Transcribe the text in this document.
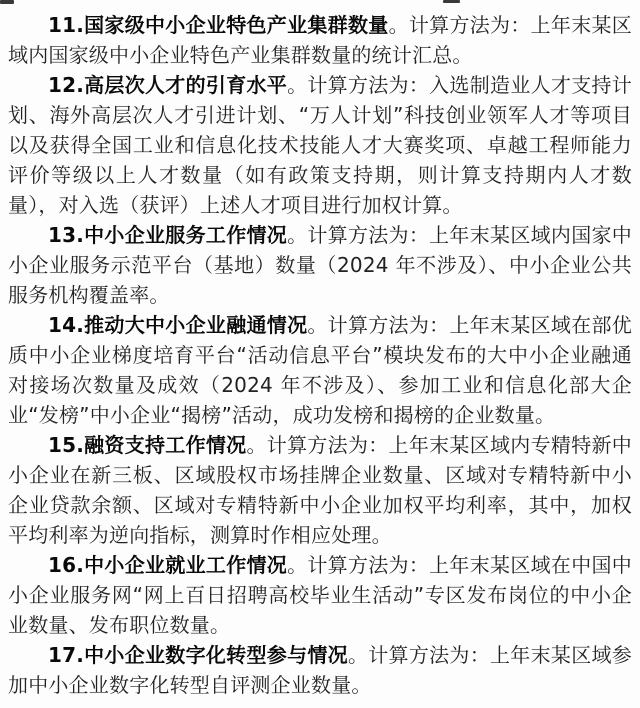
11.国家级中小企业特色产业集群数量。计算方法为：上年末某区域内国家级中小企业特色产业集群数量的统计汇总。

12.高层次人才的引育水平。计算方法为：入选制造业人才支持计划、海外高层次人才引进计划、“万人计划”科技创业领军人才等项目以及获得全国工业和信息化技术技能人才大赛奖项、卓越工程师能力评价等级以上人才数量（如有政策支持期，则计算支持期内人才数量），对入选（获评）上述人才项目进行加权计算。

13.中小企业服务工作情况。计算方法为：上年末某区域内国家中小企业服务示范平台（基地）数量（2024 年不涉及）、中小企业公共服务机构覆盖率。

14.推动大中小企业融通情况。计算方法为：上年末某区域在部优质中小企业梯度培育平台“活动信息平台”模块发布的大中小企业融通对接场次数量及成效（2024 年不涉及）、参加工业和信息化部大企业“发榜”中小企业“揭榜”活动，成功发榜和揭榜的企业数量。

15.融资支持工作情况。计算方法为：上年末某区域内专精特新中小企业在新三板、区域股权市场挂牌企业数量、区域对专精特新中小企业贷款余额、区域对专精特新中小企业加权平均利率，其中，加权平均利率为逆向指标，测算时作相应处理。

16.中小企业就业工作情况。计算方法为：上年末某区域在中国中小企业服务网“网上百日招聘高校毕业生活动”专区发布岗位的中小企业数量、发布职位数量。

17.中小企业数字化转型参与情况。计算方法为：上年末某区域参加中小企业数字化转型自评测企业数量。
